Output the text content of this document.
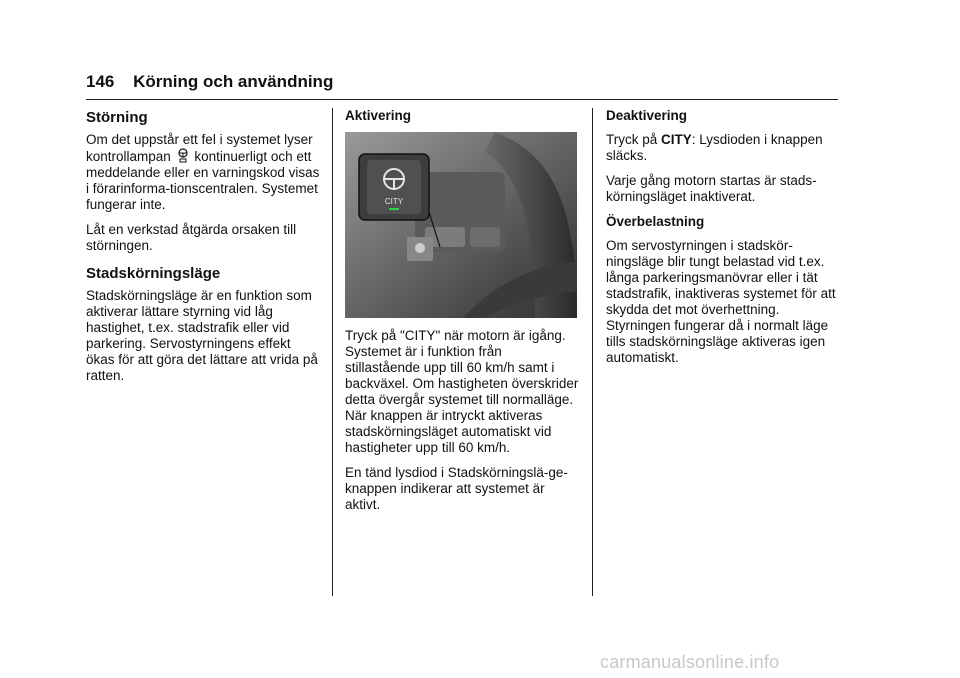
146 Körning och användning
Störning

Om det uppstår ett fel i systemet lyser kontrollampan kontinuerligt och ett meddelande eller en varningskod visas i förarinforma-tionscentralen. Systemet fungerar inte.

Låt en verkstad åtgärda orsaken till störningen.

Stadskörningsläge

Stadskörningsläge är en funktion som aktiverar lättare styrning vid låg hastighet, t.ex. stadstrafik eller vid parkering. Servostyrningens effekt ökas för att göra det lättare att vrida på ratten.

Aktivering
CITY

Tryck på "CITY" när motorn är igång. Systemet är i funktion från stillastående upp till 60 km/h samt i backväxel. Om hastigheten överskrider detta övergår systemet till normalläge. När knappen är intryckt aktiveras stadskörningsläget automatiskt vid hastigheter upp till 60 km/h.

En tänd lysdiod i Stadskörningslä-ge-knappen indikerar att systemet är aktivt.

Deaktivering

Tryck på CITY: Lysdioden i knappen släcks.

Varje gång motorn startas är stads-körningsläget inaktiverat.

Överbelastning

Om servostyrningen i stadskör-ningsläge blir tungt belastad vid t.ex. långa parkeringsmanövrar eller i tät stadstrafik, inaktiveras systemet för att skydda det mot överhettning. Styrningen fungerar då i normalt läge tills stadskörningsläge aktiveras igen automatiskt.

carmanualsonline.info
